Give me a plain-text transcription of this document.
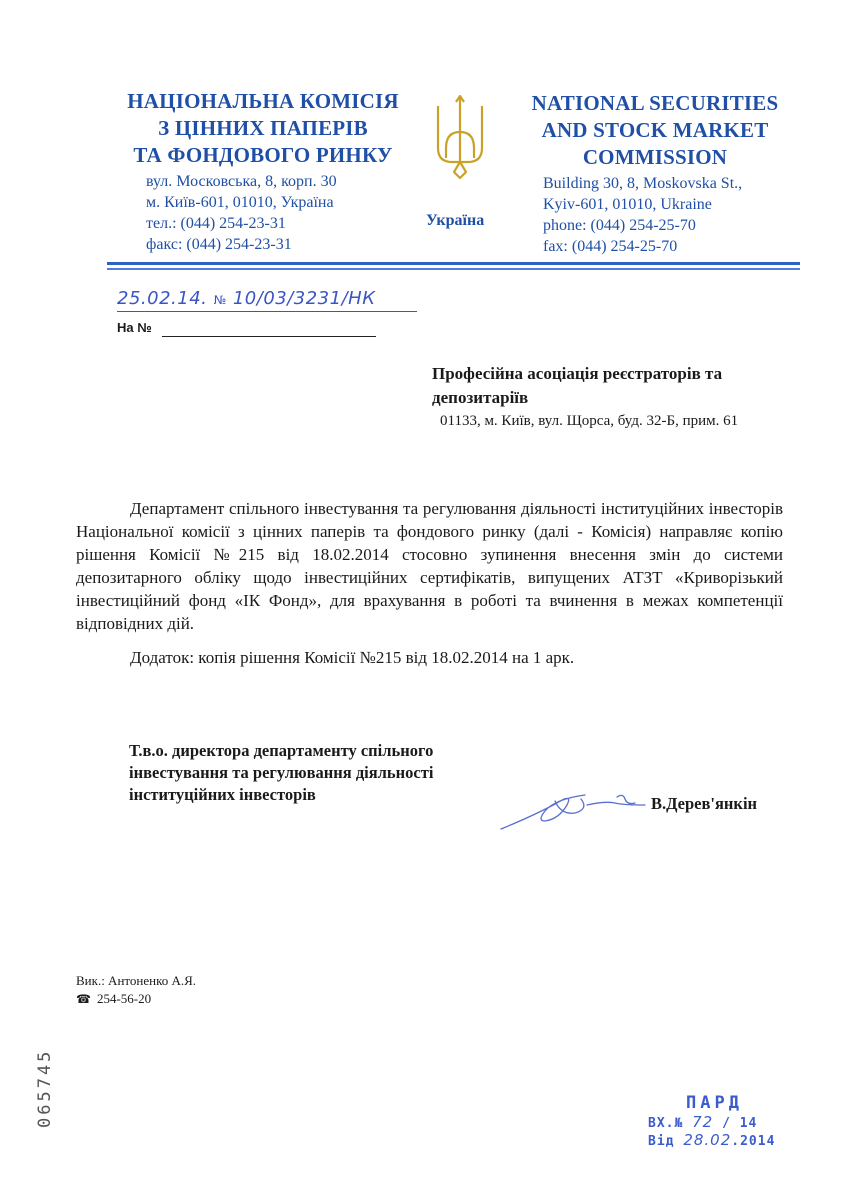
НАЦІОНАЛЬНА КОМІСІЯ
З ЦІННИХ ПАПЕРІВ
ТА ФОНДОВОГО РИНКУ
вул. Московська, 8, корп. 30
м. Київ-601, 01010, Україна
тел.: (044) 254-23-31
факс: (044) 254-23-31
Україна
NATIONAL SECURITIES
AND STOCK MARKET
COMMISSION
Building 30, 8, Moskovska St.,
Kyiv-601, 01010, Ukraine
phone: (044) 254-25-70
fax: (044) 254-25-70
25.02.14. № 10/03/3231/НК
На №
Професійна асоціація реєстраторів та депозитаріїв
01133, м. Київ, вул. Щорса, буд. 32-Б, прим. 61
Департамент спільного інвестування та регулювання діяльності інституційних інвесторів Національної комісії з цінних паперів та фондового ринку (далі - Комісія) направляє копію рішення Комісії №215 від 18.02.2014 стосовно зупинення внесення змін до системи депозитарного обліку щодо інвестиційних сертифікатів, випущених АТЗТ «Криворізький інвестиційний фонд «ІК Фонд», для врахування в роботі та вчинення в межах компетенції відповідних дій.
Додаток: копія рішення Комісії №215 від 18.02.2014 на 1 арк.
Т.в.о. директора департаменту спільного
інвестування та регулювання діяльності
інституційних інвесторів	В.Дерев'янкін
Вик.: Антоненко А.Я.
☎ 254-56-20
065745	ПАРД
ВХ.№ 72 / 14
Від 28.02.2014
